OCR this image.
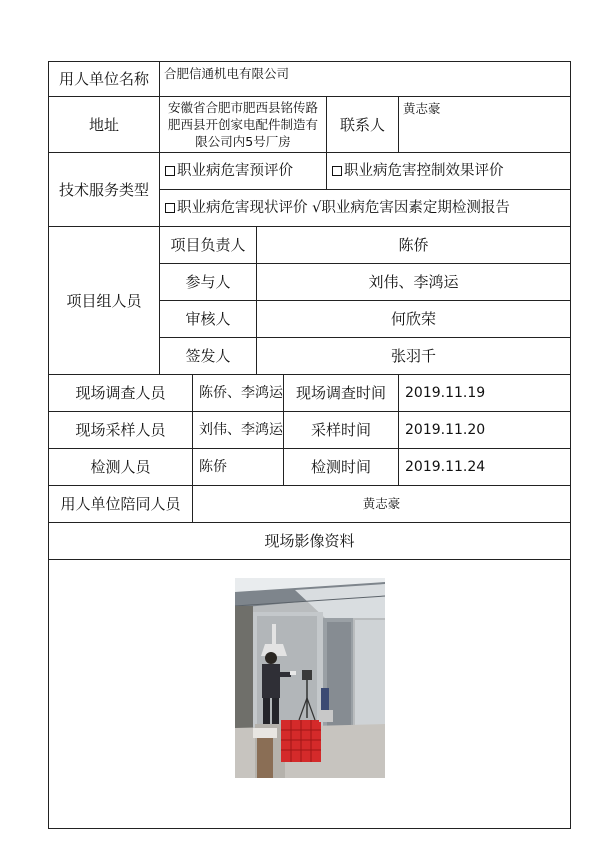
用人单位名称	合肥信通机电有限公司					
地址	安徽省合肥市肥西县铭传路肥西县开创家电配件制造有限公司内5号厂房				联系人	黄志豪
技术服务类型	职业病危害预评价				职业病危害控制效果评价	
	职业病危害现状评价 √职业病危害因素定期检测报告					
项目组人员	项目负责人		陈侨			
	参与人		刘伟、李鸿运			
	审核人		何欣荣			
	签发人		张羽千			
现场调查人员		陈侨、李鸿运		现场调查时间		2019.11.19
现场采样人员		刘伟、李鸿运		采样时间		2019.11.20
检测人员		陈侨		检测时间		2019.11.24
用人单位陪同人员		黄志豪				
现场影像资料						
